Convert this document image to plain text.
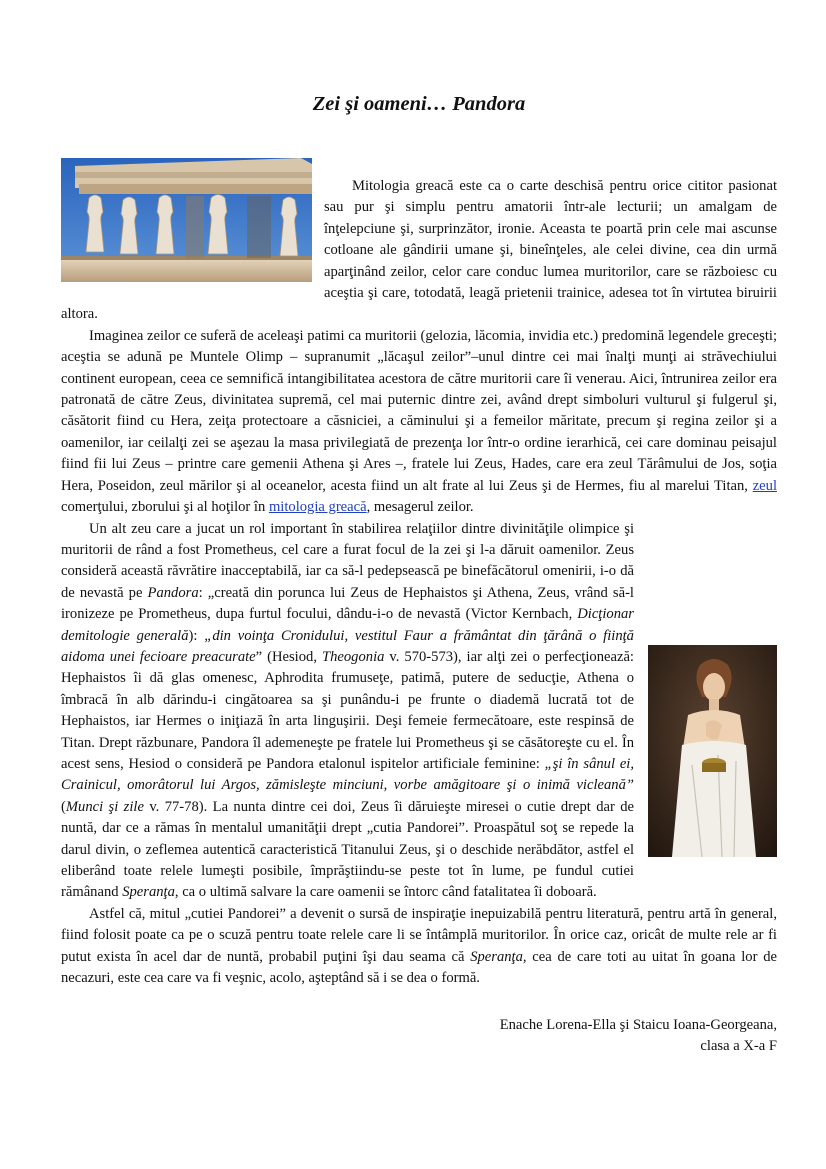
Zei şi oameni… Pandora

Mitologia greacă este ca o carte deschisă pentru orice cititor pasionat sau pur şi simplu pentru amatorii într-ale lecturii; un amalgam de înţelepciune şi, surprinzător, ironie. Aceasta te poartă prin cele mai ascunse cotloane ale gândirii umane şi, bineînţeles, ale celei divine, cea din urmă aparţinând zeilor, celor care conduc lumea muritorilor, care se războiesc cu aceştia şi care, totodată, leagă prietenii trainice, adesea tot în virtutea biruirii altora.

Imaginea zeilor ce suferă de aceleaşi patimi ca muritorii (gelozia, lăcomia, invidia etc.) predomină legendele greceşti; aceştia se adună pe Muntele Olimp – supranumit „lăcaşul zeilor”–unul dintre cei mai înalţi munţi ai străvechiului continent european, ceea ce semnifică intangibilitatea acestora de către muritorii care îi venerau. Aici, întrunirea zeilor era patronată de către Zeus, divinitatea supremă, cel mai puternic dintre zei, având drept simboluri vulturul şi fulgerul şi, căsătorit fiind cu Hera, zeiţa protectoare a căsniciei, a căminului şi a femeilor măritate, precum şi regina zeilor şi a oamenilor, iar ceilalţi zei se aşezau la masa privilegiată de prezenţa lor într-o ordine ierarhică, cei care dominau peisajul fiind fii lui Zeus – printre care gemenii Athena şi Ares –, fratele lui Zeus, Hades, care era zeul Tărâmului de Jos, soţia Hera, Poseidon, zeul mărilor şi al oceanelor, acesta fiind un alt frate al lui Zeus şi de Hermes, fiu al marelui Titan, zeul comerţului, zborului şi al hoţilor în mitologia greacă, mesagerul zeilor.

Un alt zeu care a jucat un rol important în stabilirea relaţiilor dintre divinităţile olimpice şi muritorii de rând a fost Prometheus, cel care a furat focul de la zei şi l-a dăruit oamenilor. Zeus consideră această răvrătire inacceptabilă, iar ca să-l pedepsească pe binefăcătorul omenirii, i-o dă de nevastă pe Pandora: „creată din porunca lui Zeus de Hephaistos şi Athena, Zeus, vrând să-l ironizeze pe Prometheus, dupa furtul focului, dându-i-o de nevastă (Victor Kernbach, Dicţionar demitologie generală): „din voinţa Cronidului, vestitul Faur a frământat din ţărână o fiinţă aidoma unei fecioare preacurate” (Hesiod, Theogonia v. 570-573), iar alţi zei o perfecţionează: Hephaistos îi dă glas omenesc, Aphrodita frumuseţe, patimă, putere de seducţie, Athena o îmbracă în alb dărindu-i cingătoarea sa şi punându-i pe frunte o diademă lucrată tot de Hephaistos, iar Hermes o iniţiază în arta linguşirii. Deşi femeie fermecătoare, este respinsă de Titan. Drept răzbunare, Pandora îl ademeneşte pe fratele lui Prometheus şi se căsătoreşte cu el. În acest sens, Hesiod o consideră pe Pandora etalonul ispitelor artificiale feminine: „şi în sânul ei, Crainicul, omorâtorul lui Argos, zămisleşte minciuni, vorbe amăgitoare şi o inimă vicleană” (Munci şi zile v. 77-78). La nunta dintre cei doi, Zeus îi dăruieşte miresei o cutie drept dar de nuntă, dar ce a rămas în mentalul umanităţii drept „cutia Pandorei”. Proaspătul soţ se repede la darul divin, o zeflemea autentică caracteristică Titanului Zeus, şi o deschide nerăbdător, astfel el eliberând toate relele lumeşti posibile, împrăştiindu-se peste tot în lume, pe fundul cutiei rămânand Speranţa, ca o ultimă salvare la care oamenii se întorc când fatalitatea îi doboară.

Astfel că, mitul „cutiei Pandorei” a devenit o sursă de inspiraţie inepuizabilă pentru literatură, pentru artă în general, fiind folosit poate ca pe o scuză pentru toate relele care li se întâmplă muritorilor. În orice caz, oricât de multe rele ar fi putut exista în acel dar de nuntă, probabil puţini îşi dau seama că Speranţa, cea de care toti au uitat în goana lor de necazuri, este cea care va fi veşnic, acolo, aşteptând să i se dea o formă.

Enache Lorena-Ella şi Staicu Ioana-Georgeana,
clasa a X-a F
